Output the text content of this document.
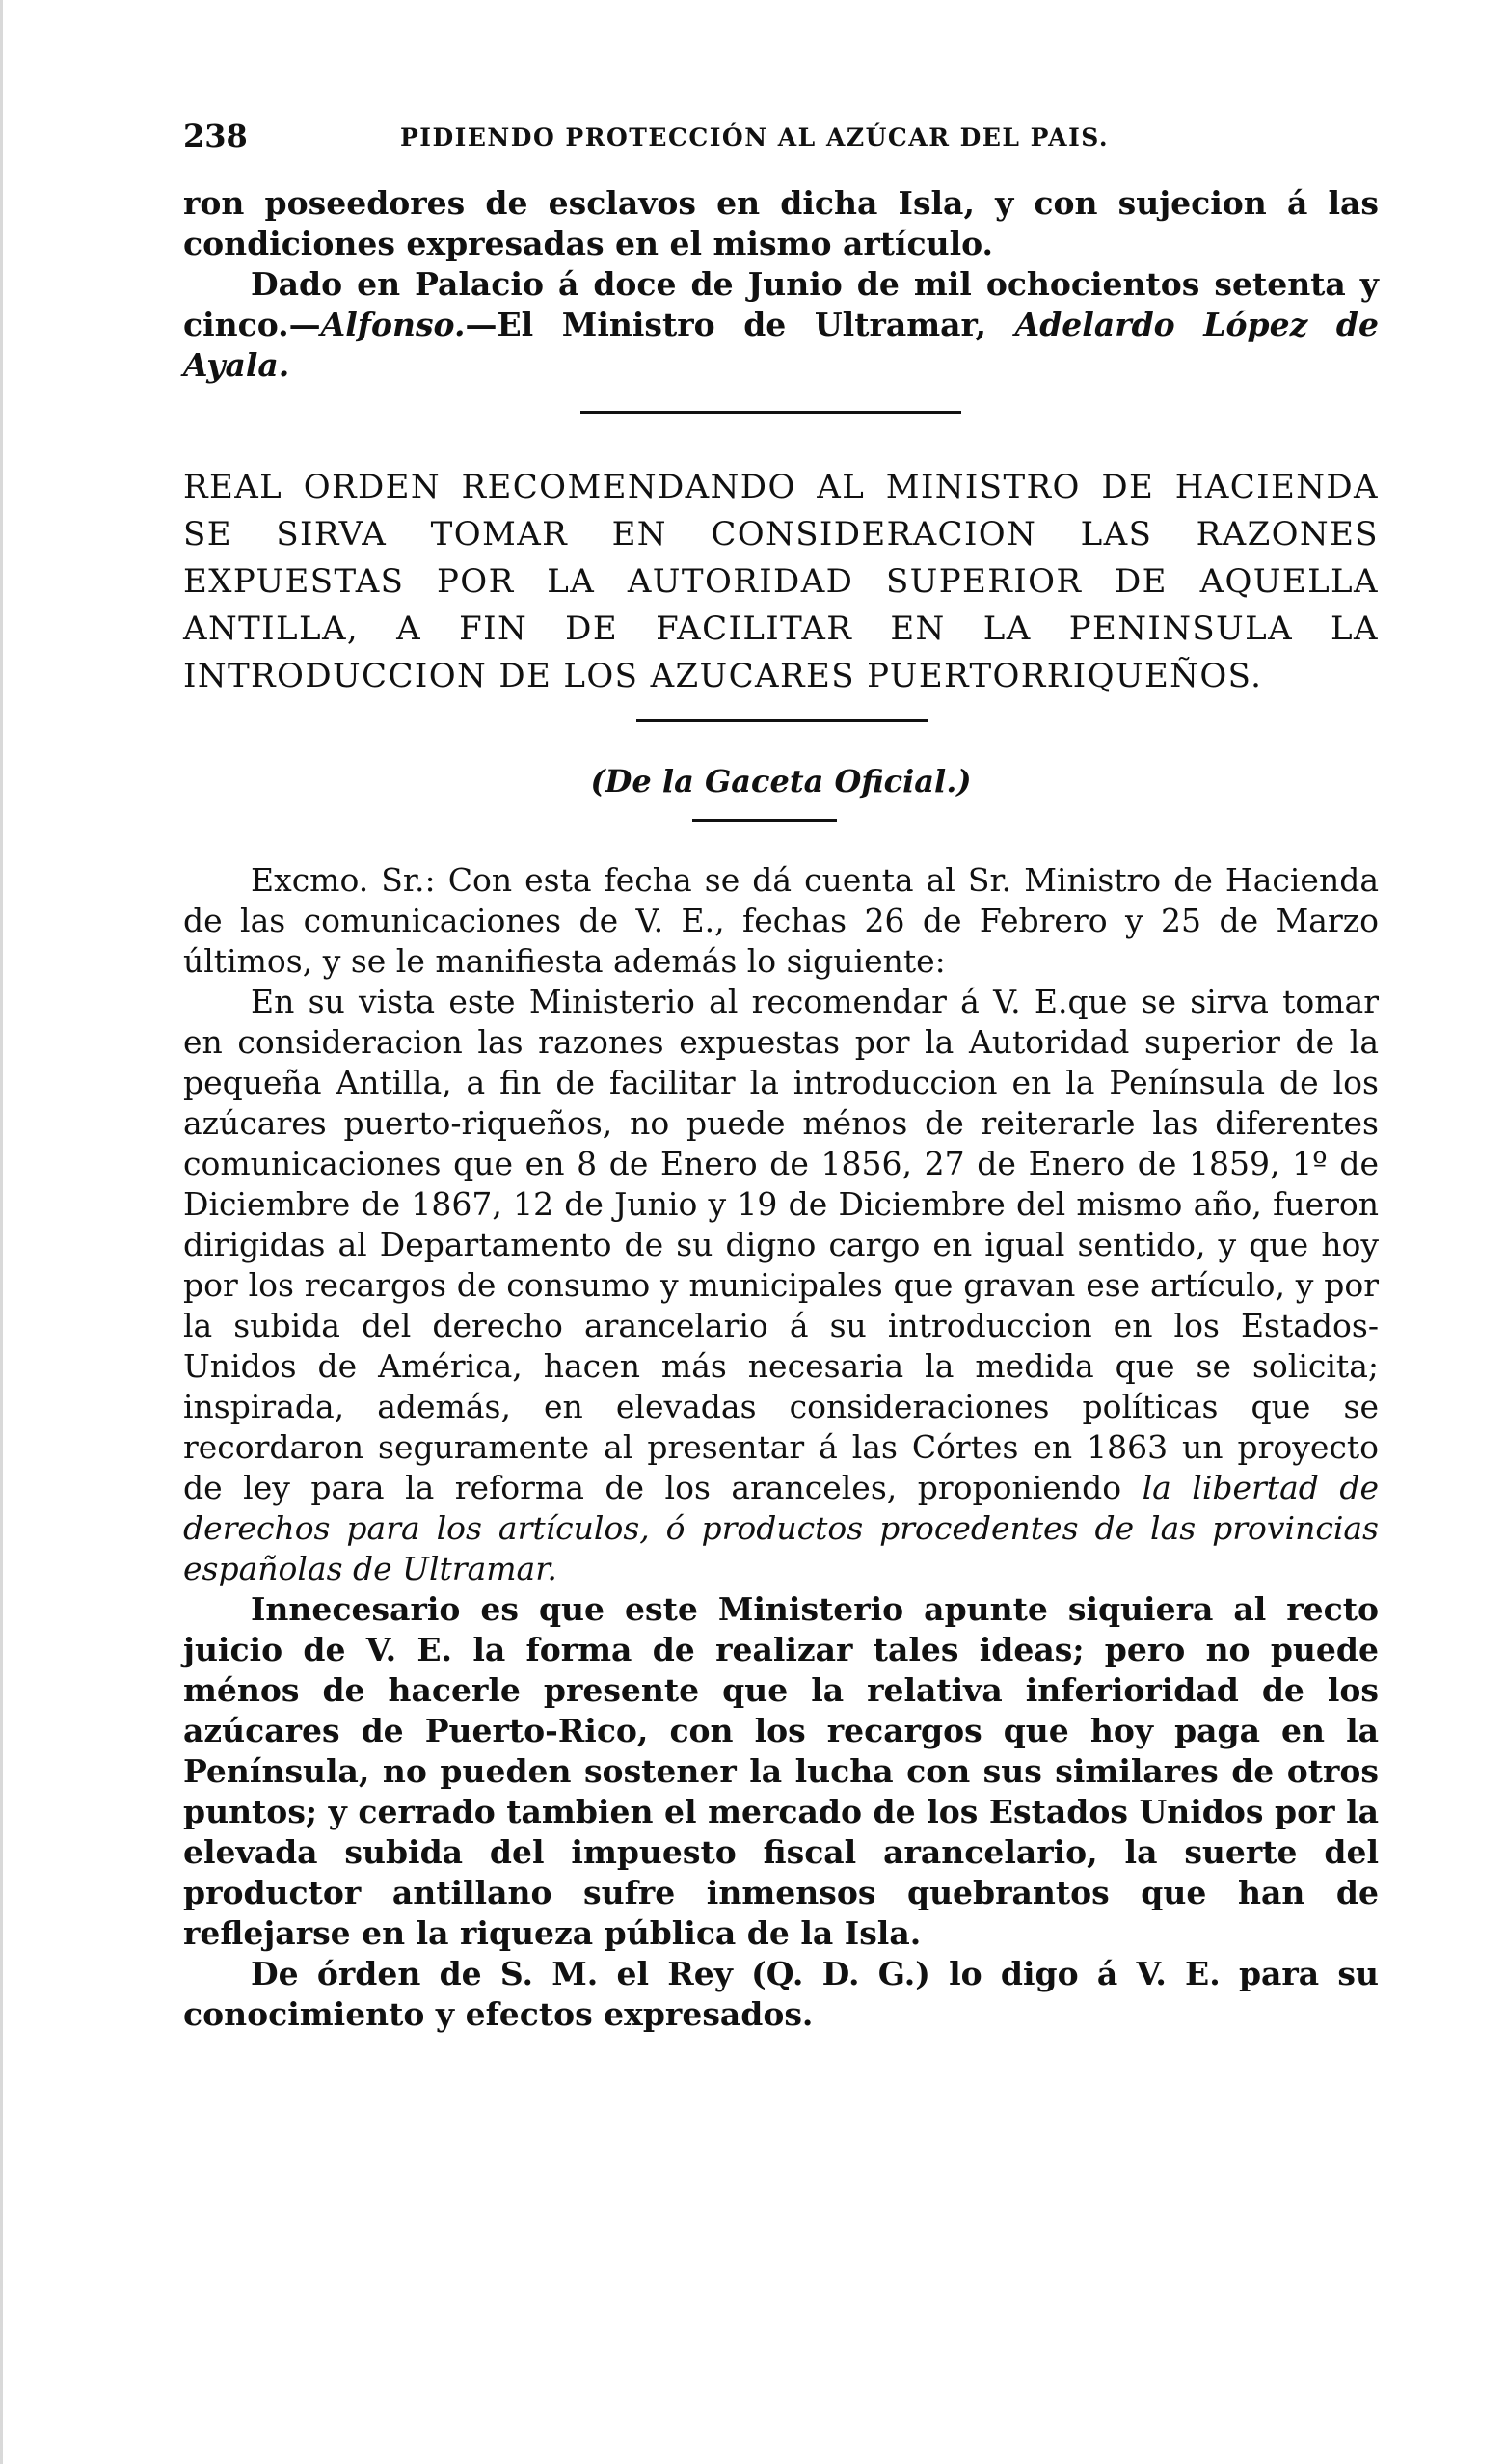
238	PIDIENDO PROTECCIÓN AL AZÚCAR DEL PAIS.

ron poseedores de esclavos en dicha Isla, y con sujecion á las condiciones expresadas en el mismo artículo.

Dado en Palacio á doce de Junio de mil ochocientos setenta y cinco.—Alfonso.—El Ministro de Ultramar, Adelardo López de Ayala.

REAL ORDEN RECOMENDANDO AL MINISTRO DE HACIENDA SE SIRVA TOMAR EN CONSIDERACION LAS RAZONES EXPUESTAS POR LA AUTORIDAD SUPERIOR DE AQUELLA ANTILLA, A FIN DE FACILITAR EN LA PENINSULA LA INTRODUCCION DE LOS AZUCARES PUERTORRIQUEÑOS.

(De la Gaceta Oficial.)

Excmo. Sr.: Con esta fecha se dá cuenta al Sr. Ministro de Hacienda de las comunicaciones de V. E., fechas 26 de Febrero y 25 de Marzo últimos, y se le manifiesta además lo siguiente:

En su vista este Ministerio al recomendar á V. E.que se sirva tomar en consideracion las razones expuestas por la Autoridad superior de la pequeña Antilla, a fin de facilitar la introduccion en la Península de los azúcares puerto-riqueños, no puede ménos de reiterarle las diferentes comunicaciones que en 8 de Enero de 1856, 27 de Enero de 1859, 1º de Diciembre de 1867, 12 de Junio y 19 de Diciembre del mismo año, fueron dirigidas al Departamento de su digno cargo en igual sentido, y que hoy por los recargos de consumo y municipales que gravan ese artículo, y por la subida del derecho arancelario á su introduccion en los Estados-Unidos de América, hacen más necesaria la medida que se solicita; inspirada, además, en elevadas consideraciones políticas que se recordaron seguramente al presentar á las Córtes en 1863 un proyecto de ley para la reforma de los aranceles, proponiendo la libertad de derechos para los artículos, ó productos procedentes de las provincias españolas de Ultramar.

Innecesario es que este Ministerio apunte siquiera al recto juicio de V. E. la forma de realizar tales ideas; pero no puede ménos de hacerle presente que la relativa inferioridad de los azúcares de Puerto-Rico, con los recargos que hoy paga en la Península, no pueden sostener la lucha con sus similares de otros puntos; y cerrado tambien el mercado de los Estados Unidos por la elevada subida del impuesto fiscal arancelario, la suerte del productor antillano sufre inmensos quebrantos que han de reflejarse en la riqueza pública de la Isla.

De órden de S. M. el Rey (Q. D. G.) lo digo á V. E. para su conocimiento y efectos expresados.
